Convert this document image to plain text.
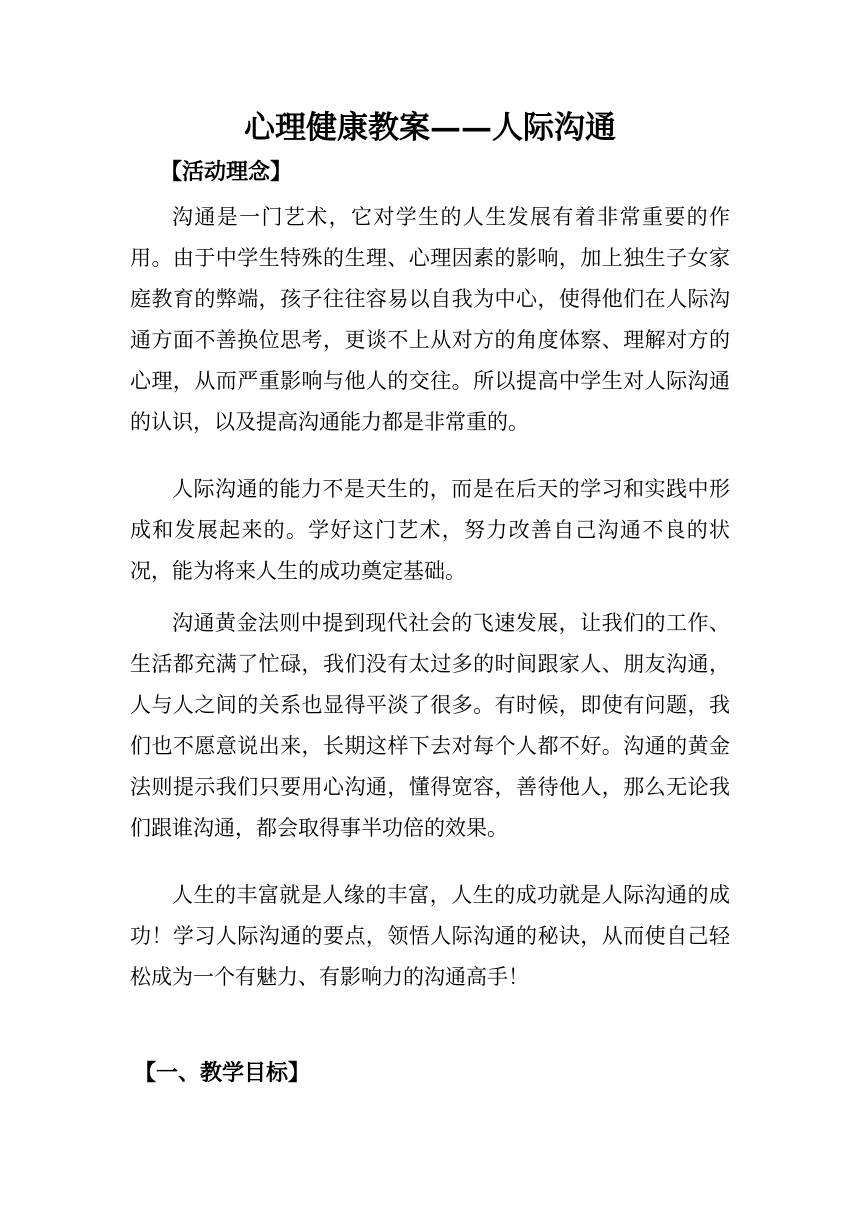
心理健康教案——人际沟通
【活动理念】

沟通是一门艺术，它对学生的人生发展有着非常重要的作用。由于中学生特殊的生理、心理因素的影响，加上独生子女家庭教育的弊端，孩子往往容易以自我为中心，使得他们在人际沟通方面不善换位思考，更谈不上从对方的角度体察、理解对方的心理，从而严重影响与他人的交往。所以提高中学生对人际沟通的认识，以及提高沟通能力都是非常重的。

人际沟通的能力不是天生的，而是在后天的学习和实践中形成和发展起来的。学好这门艺术，努力改善自己沟通不良的状况，能为将来人生的成功奠定基础。

沟通黄金法则中提到现代社会的飞速发展，让我们的工作、生活都充满了忙碌，我们没有太过多的时间跟家人、朋友沟通，人与人之间的关系也显得平淡了很多。有时候，即使有问题，我们也不愿意说出来，长期这样下去对每个人都不好。沟通的黄金法则提示我们只要用心沟通，懂得宽容，善待他人，那么无论我们跟谁沟通，都会取得事半功倍的效果。

人生的丰富就是人缘的丰富，人生的成功就是人际沟通的成功！学习人际沟通的要点，领悟人际沟通的秘诀，从而使自己轻松成为一个有魅力、有影响力的沟通高手！

【一、教学目标】
